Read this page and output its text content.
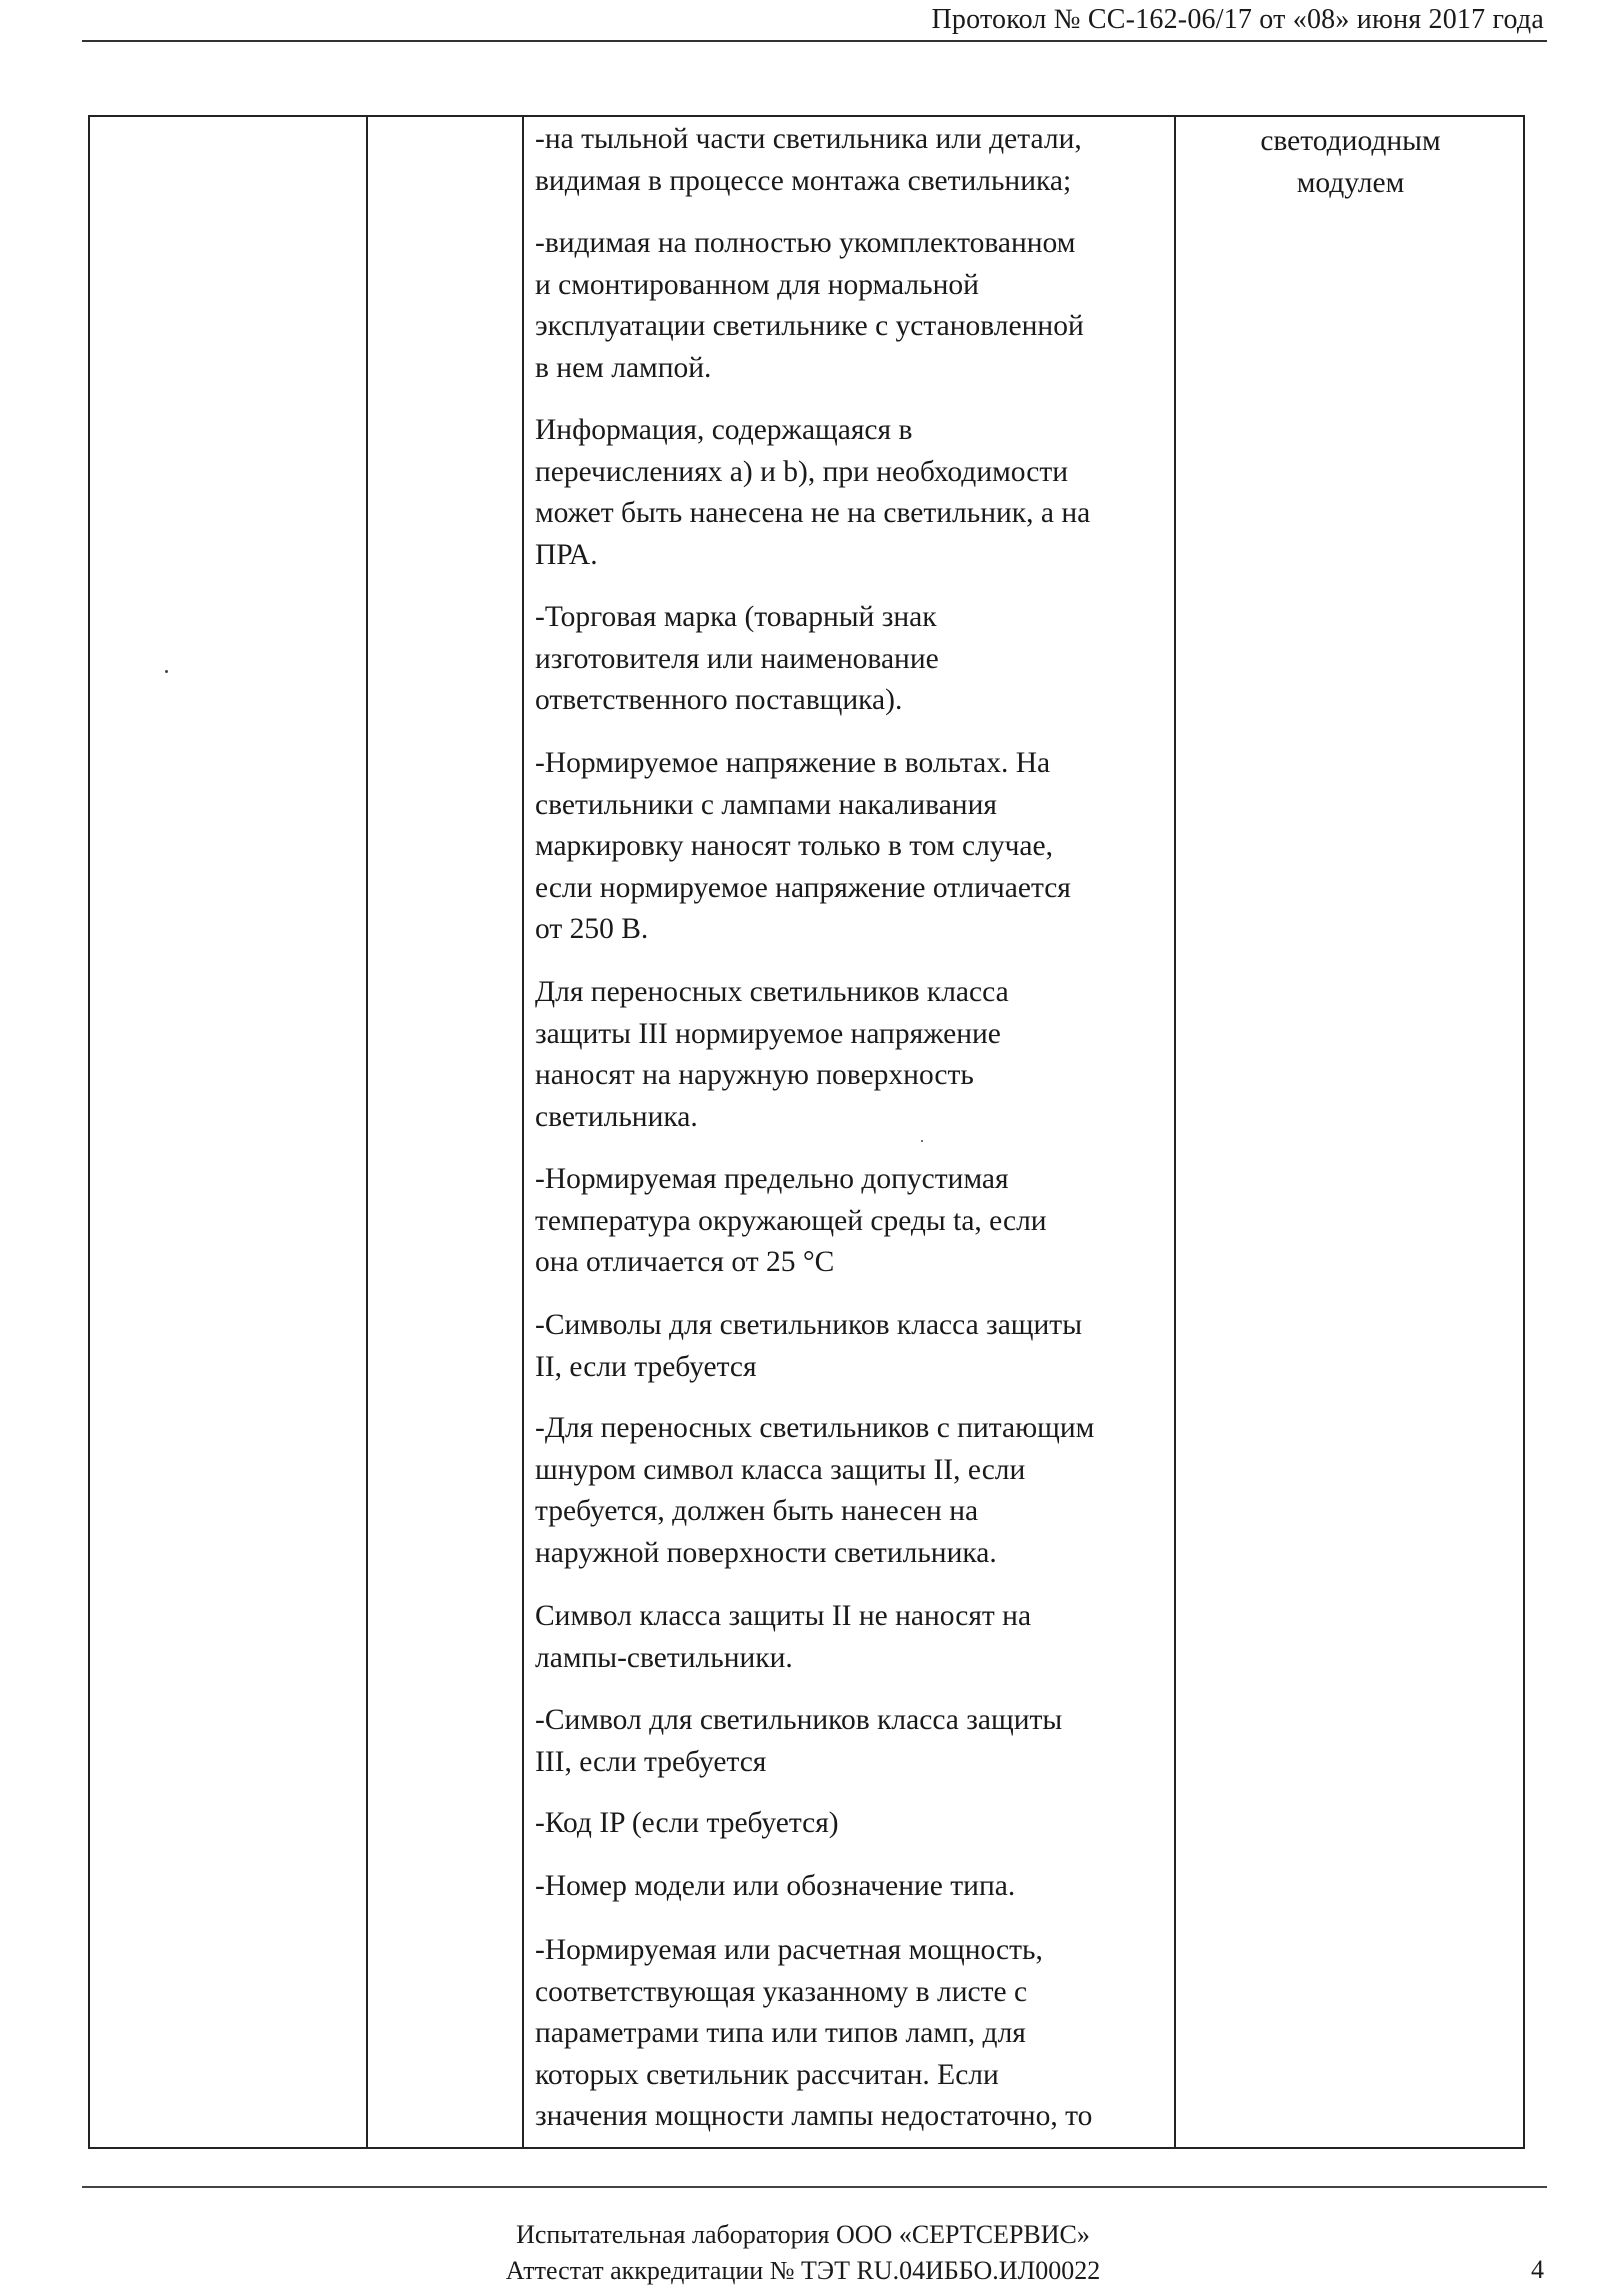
Протокол № СС-162-06/17 от «08» июня 2017 года

-на тыльной части светильника или детали,
видимая в процессе монтажа светильника;

-видимая на полностью укомплектованном
и смонтированном для нормальной
эксплуатации светильнике с установленной
в нем лампой.

Информация, содержащаяся в
перечислениях a) и b), при необходимости
может быть нанесена не на светильник, а на
ПРА.

-Торговая марка (товарный знак
изготовителя или наименование
ответственного поставщика).

-Нормируемое напряжение в вольтах. На
светильники с лампами накаливания
маркировку наносят только в том случае,
если нормируемое напряжение отличается
от 250 В.

Для переносных светильников класса
защиты III нормируемое напряжение
наносят на наружную поверхность
светильника.

-Нормируемая предельно допустимая
температура окружающей среды ta, если
она отличается от 25 °С

-Символы для светильников класса защиты
II, если требуется

-Для переносных светильников с питающим
шнуром символ класса защиты II, если
требуется, должен быть нанесен на
наружной поверхности светильника.

Символ класса защиты II не наносят на
лампы-светильники.

-Символ для светильников класса защиты
III, если требуется

-Код IP (если требуется)

-Номер модели или обозначение типа.

-Нормируемая или расчетная мощность,
соответствующая указанному в листе с
параметрами типа или типов ламп, для
которых светильник рассчитан. Если
значения мощности лампы недостаточно, то

светодиодным
модулем
Испытательная лаборатория ООО «СЕРТСЕРВИС»
Аттестат аккредитации № ТЭТ RU.04ИББО.ИЛ00022	4
